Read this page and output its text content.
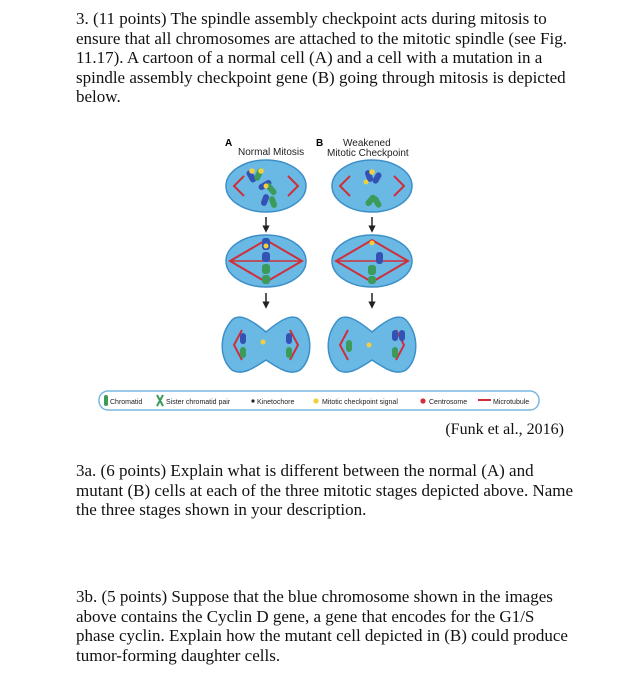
3. (11 points) The spindle assembly checkpoint acts during mitosis to ensure that all chromosomes are attached to the mitotic spindle (see Fig. 11.17). A cartoon of a normal cell (A) and a cell with a mutation in a spindle assembly checkpoint gene (B) going through mitosis is depicted below.

A
Normal Mitosis
B Weakened
Mitotic Checkpoint
Chromatid	Sister chromatid pair	Kinetochore	Mitotic checkpoint signal	Centrosome	Microtubule

(Funk et al., 2016)

3a. (6 points) Explain what is different between the normal (A) and mutant (B) cells at each of the three mitotic stages depicted above. Name the three stages shown in your description.

3b. (5 points) Suppose that the blue chromosome shown in the images above contains the Cyclin D gene, a gene that encodes for the G1/S phase cyclin. Explain how the mutant cell depicted in (B) could produce tumor-forming daughter cells.
